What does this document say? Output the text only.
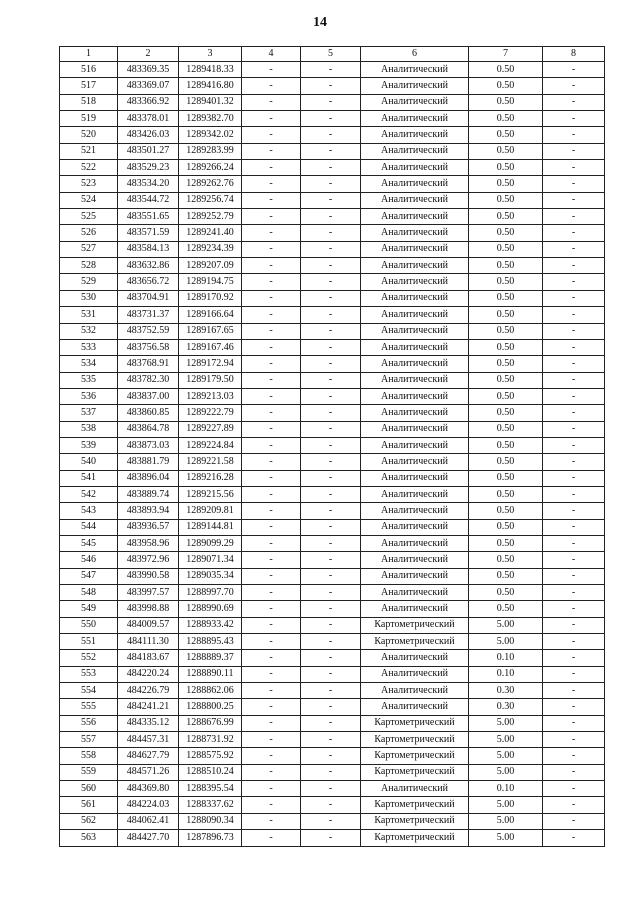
14
1	2	3	4	5	6	7	8
516	483369.35	1289418.33	-	-	Аналитический	0.50	-
517	483369.07	1289416.80	-	-	Аналитический	0.50	-
518	483366.92	1289401.32	-	-	Аналитический	0.50	-
519	483378.01	1289382.70	-	-	Аналитический	0.50	-
520	483426.03	1289342.02	-	-	Аналитический	0.50	-
521	483501.27	1289283.99	-	-	Аналитический	0.50	-
522	483529.23	1289266.24	-	-	Аналитический	0.50	-
523	483534.20	1289262.76	-	-	Аналитический	0.50	-
524	483544.72	1289256.74	-	-	Аналитический	0.50	-
525	483551.65	1289252.79	-	-	Аналитический	0.50	-
526	483571.59	1289241.40	-	-	Аналитический	0.50	-
527	483584.13	1289234.39	-	-	Аналитический	0.50	-
528	483632.86	1289207.09	-	-	Аналитический	0.50	-
529	483656.72	1289194.75	-	-	Аналитический	0.50	-
530	483704.91	1289170.92	-	-	Аналитический	0.50	-
531	483731.37	1289166.64	-	-	Аналитический	0.50	-
532	483752.59	1289167.65	-	-	Аналитический	0.50	-
533	483756.58	1289167.46	-	-	Аналитический	0.50	-
534	483768.91	1289172.94	-	-	Аналитический	0.50	-
535	483782.30	1289179.50	-	-	Аналитический	0.50	-
536	483837.00	1289213.03	-	-	Аналитический	0.50	-
537	483860.85	1289222.79	-	-	Аналитический	0.50	-
538	483864.78	1289227.89	-	-	Аналитический	0.50	-
539	483873.03	1289224.84	-	-	Аналитический	0.50	-
540	483881.79	1289221.58	-	-	Аналитический	0.50	-
541	483896.04	1289216.28	-	-	Аналитический	0.50	-
542	483889.74	1289215.56	-	-	Аналитический	0.50	-
543	483893.94	1289209.81	-	-	Аналитический	0.50	-
544	483936.57	1289144.81	-	-	Аналитический	0.50	-
545	483958.96	1289099.29	-	-	Аналитический	0.50	-
546	483972.96	1289071.34	-	-	Аналитический	0.50	-
547	483990.58	1289035.34	-	-	Аналитический	0.50	-
548	483997.57	1288997.70	-	-	Аналитический	0.50	-
549	483998.88	1288990.69	-	-	Аналитический	0.50	-
550	484009.57	1288933.42	-	-	Картометрический	5.00	-
551	484111.30	1288895.43	-	-	Картометрический	5.00	-
552	484183.67	1288889.37	-	-	Аналитический	0.10	-
553	484220.24	1288890.11	-	-	Аналитический	0.10	-
554	484226.79	1288862.06	-	-	Аналитический	0.30	-
555	484241.21	1288800.25	-	-	Аналитический	0.30	-
556	484335.12	1288676.99	-	-	Картометрический	5.00	-
557	484457.31	1288731.92	-	-	Картометрический	5.00	-
558	484627.79	1288575.92	-	-	Картометрический	5.00	-
559	484571.26	1288510.24	-	-	Картометрический	5.00	-
560	484369.80	1288395.54	-	-	Аналитический	0.10	-
561	484224.03	1288337.62	-	-	Картометрический	5.00	-
562	484062.41	1288090.34	-	-	Картометрический	5.00	-
563	484427.70	1287896.73	-	-	Картометрический	5.00	-
